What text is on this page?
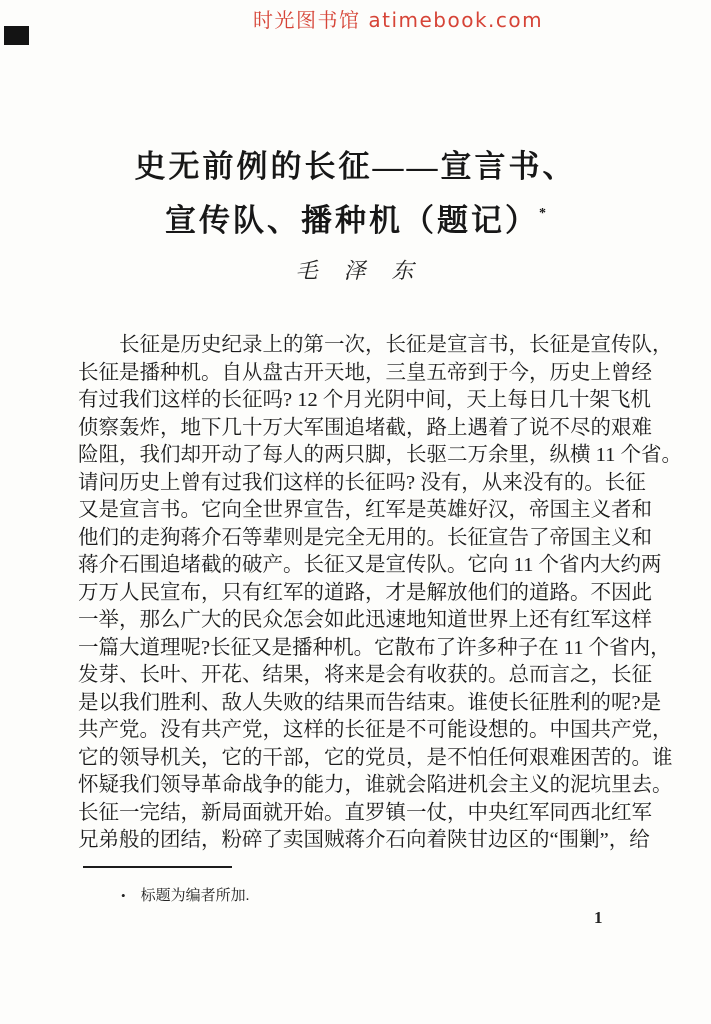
时光图书馆 atimebook.com
史无前例的长征——宣言书、
宣传队、播种机（题记）*
毛　泽　东
　　长征是历史纪录上的第一次，长征是宣言书，长征是宣传队，
长征是播种机。自从盘古开天地，三皇五帝到于今，历史上曾经
有过我们这样的长征吗? 12 个月光阴中间，天上每日几十架飞机
侦察轰炸，地下几十万大军围追堵截，路上遇着了说不尽的艰难
险阻，我们却开动了每人的两只脚，长驱二万余里，纵横 11 个省。
请问历史上曾有过我们这样的长征吗? 没有，从来没有的。长征
又是宣言书。它向全世界宣告，红军是英雄好汉，帝国主义者和
他们的走狗蒋介石等辈则是完全无用的。长征宣告了帝国主义和
蒋介石围追堵截的破产。长征又是宣传队。它向 11 个省内大约两
万万人民宣布，只有红军的道路，才是解放他们的道路。不因此
一举，那么广大的民众怎会如此迅速地知道世界上还有红军这样
一篇大道理呢?长征又是播种机。它散布了许多种子在 11 个省内，
发芽、长叶、开花、结果，将来是会有收获的。总而言之，长征
是以我们胜利、敌人失败的结果而告结束。谁使长征胜利的呢?是
共产党。没有共产党，这样的长征是不可能设想的。中国共产党，
它的领导机关，它的干部，它的党员，是不怕任何艰难困苦的。谁
怀疑我们领导革命战争的能力，谁就会陷进机会主义的泥坑里去。
长征一完结，新局面就开始。直罗镇一仗，中央红军同西北红军
兄弟般的团结，粉碎了卖国贼蒋介石向着陕甘边区的“围剿”，给
• 标题为编者所加.
1
